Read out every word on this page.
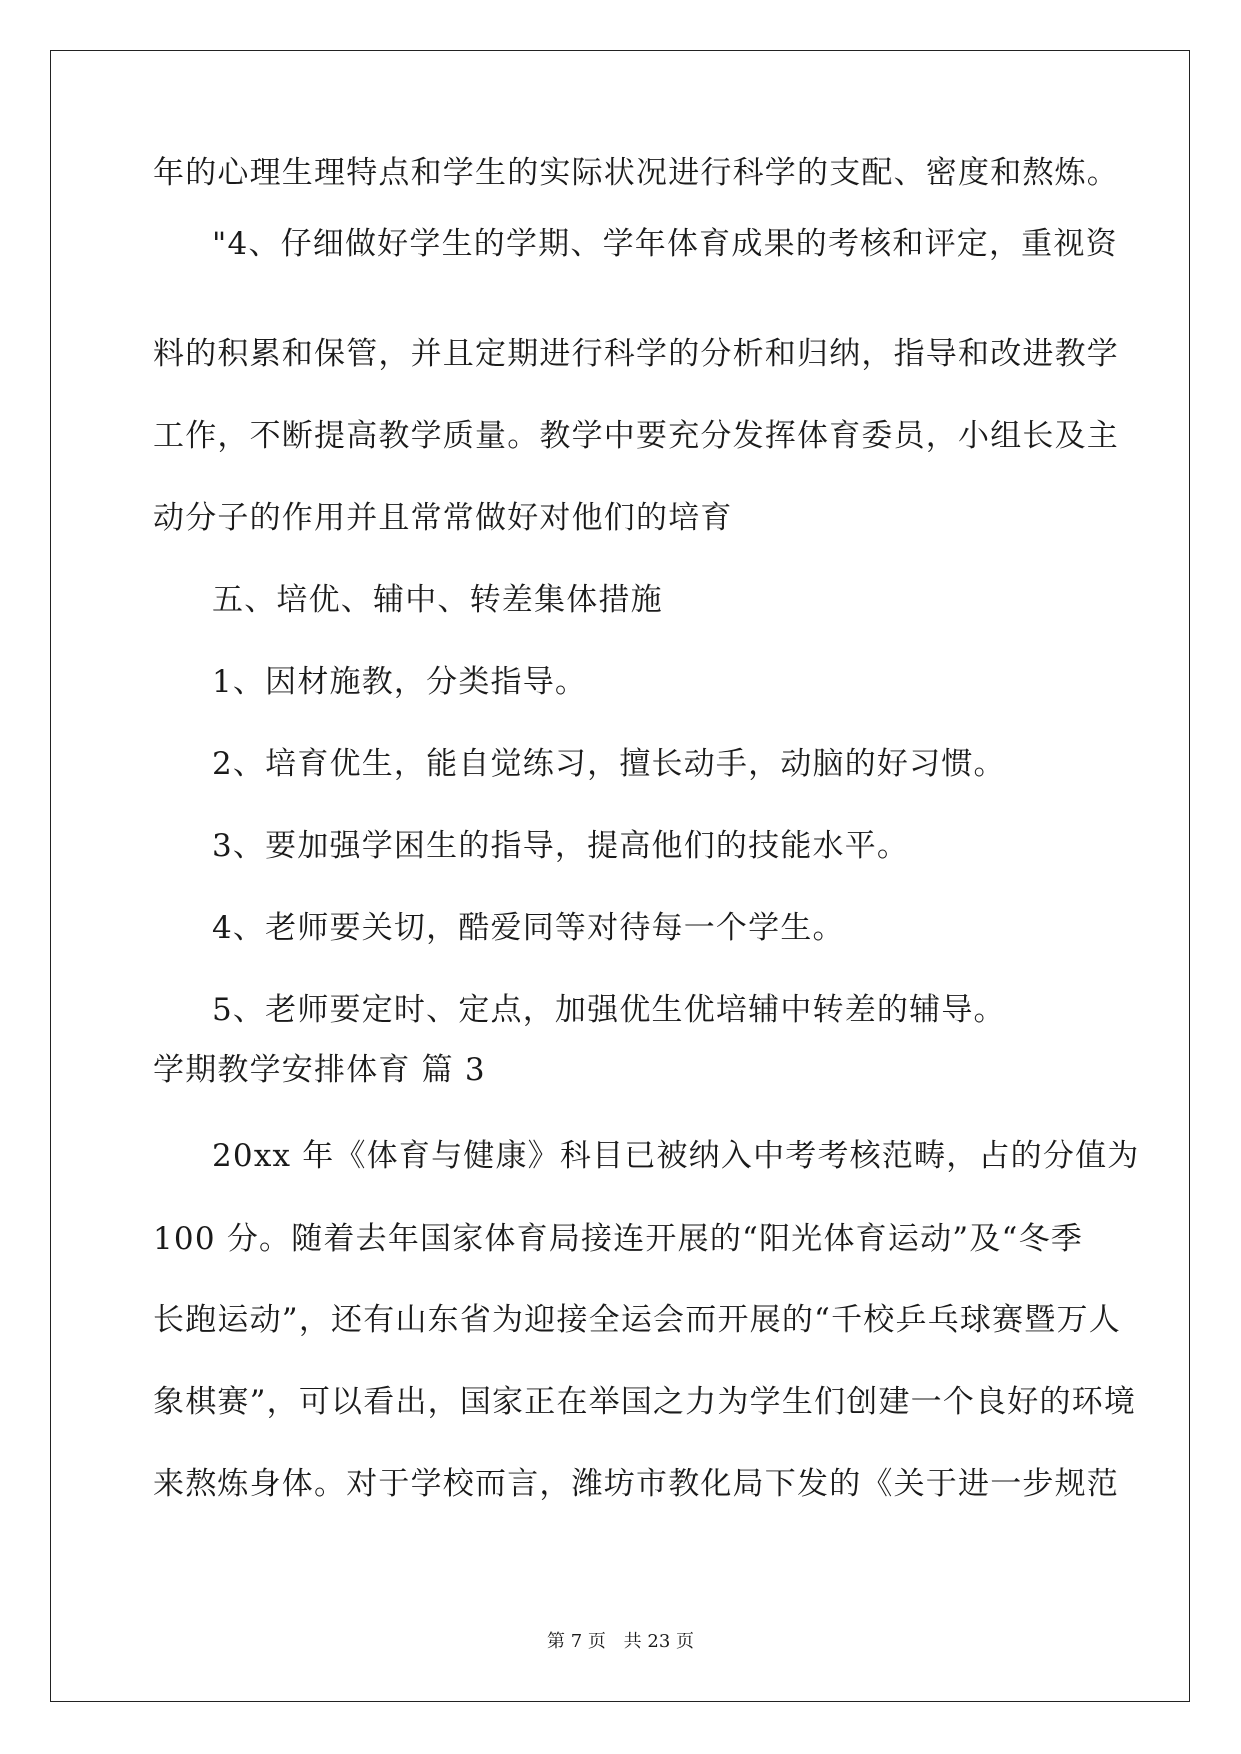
年的心理生理特点和学生的实际状况进行科学的支配、密度和熬炼。
"4、仔细做好学生的学期、学年体育成果的考核和评定，重视资
料的积累和保管，并且定期进行科学的分析和归纳，指导和改进教学
工作，不断提高教学质量。教学中要充分发挥体育委员，小组长及主
动分子的作用并且常常做好对他们的培育
五、培优、辅中、转差集体措施
1、因材施教，分类指导。
2、培育优生，能自觉练习，擅长动手，动脑的好习惯。
3、要加强学困生的指导，提高他们的技能水平。
4、老师要关切，酷爱同等对待每一个学生。
5、老师要定时、定点，加强优生优培辅中转差的辅导。
学期教学安排体育 篇 3
20xx 年《体育与健康》科目已被纳入中考考核范畴，占的分值为
100 分。随着去年国家体育局接连开展的“阳光体育运动”及“冬季
长跑运动”，还有山东省为迎接全运会而开展的“千校乒乓球赛暨万人
象棋赛”，可以看出，国家正在举国之力为学生们创建一个良好的环境
来熬炼身体。对于学校而言，潍坊市教化局下发的《关于进一步规范
第 7 页 共 23 页
